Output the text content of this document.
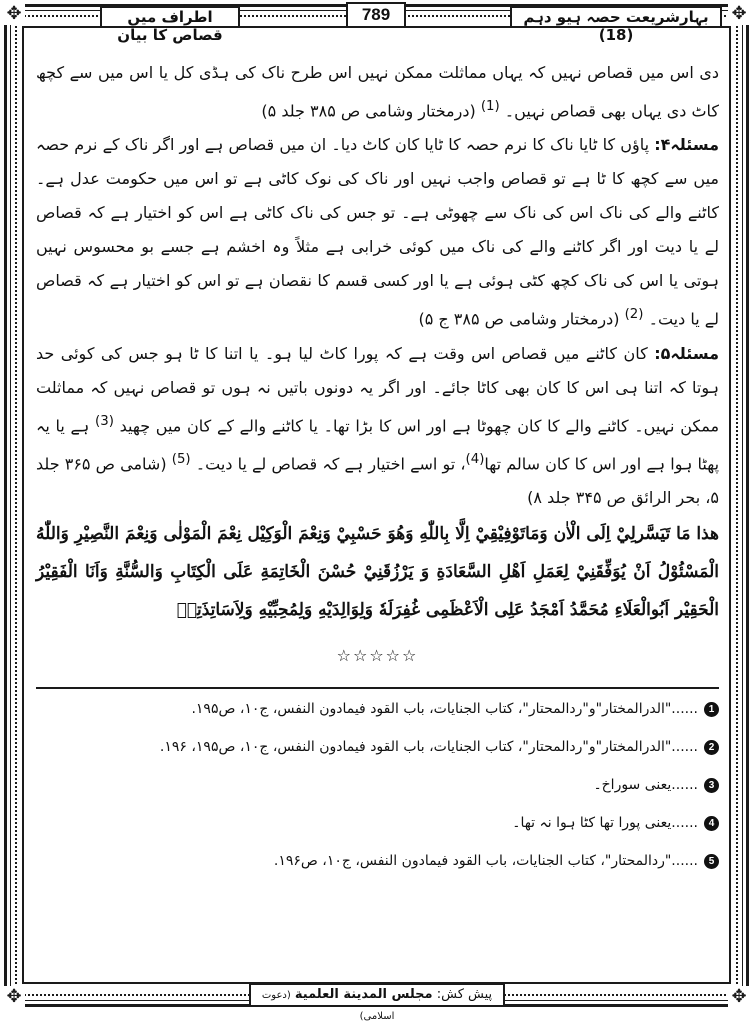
✥	✥
✥	✥
بہارِشریعت حصہ ہیو دہم (18)
789
اطراف میں قصاص کا بیان

دی اس میں قصاص نہیں کہ یہاں مماثلت ممکن نہیں اس طرح ناک کی ہڈی کل یا اس میں سے کچھ کاٹ دی یہاں بھی قصاص نہیں۔ $^{(1)}$ (درمختار وشامی ص ۳۸۵ جلد ۵)

مسئلہ۴: پاؤں کا ٹایا ناک کا نرم حصہ کا ٹایا کان کاٹ دیا۔ ان میں قصاص ہے اور اگر ناک کے نرم حصہ میں سے کچھ کا ٹا ہے تو قصاص واجب نہیں اور ناک کی نوک کاٹی ہے تو اس میں حکومت عدل ہے۔ کاٹنے والے کی ناک اس کی ناک سے چھوٹی ہے۔ تو جس کی ناک کاٹی ہے اس کو اختیار ہے کہ قصاص لے یا دیت اور اگر کاٹنے والے کی ناک میں کوئی خرابی ہے مثلاً وہ اخشم ہے جسے بو محسوس نہیں ہوتی یا اس کی ناک کچھ کٹی ہوئی ہے یا اور کسی قسم کا نقصان ہے تو اس کو اختیار ہے کہ قصاص لے یا دیت۔ $^{(2)}$ (درمختار وشامی ص ۳۸۵ ج ۵)

مسئلہ۵: کان کاٹنے میں قصاص اس وقت ہے کہ پورا کاٹ لیا ہو۔ یا اتنا کا ٹا ہو جس کی کوئی حد ہوتا کہ اتنا ہی اس کا کان بھی کاٹا جائے۔ اور اگر یہ دونوں باتیں نہ ہوں تو قصاص نہیں کہ مماثلت ممکن نہیں۔ کاٹنے والے کا کان چھوٹا ہے اور اس کا بڑا تھا۔ یا کاٹنے والے کے کان میں چھید $^{(3)}$ ہے یا یہ پھٹا ہوا ہے اور اس کا کان سالم تھا$^{(4)}$، تو اسے اختیار ہے کہ قصاص لے یا دیت۔ $^{(5)}$ (شامی ص ۳۶۵ جلد ۵، بحر الرائق ص ۳۴۵ جلد ۸)

هذا مَا تَيَسَّرلِيْ اِلَى الْاٰن وَمَاتَوْفِيْقِيْ اِلَّا بِاللّٰهِ وَهُوَ حَسْبِيْ وَنِعْمَ الْوَكِيْل نِعْمَ الْمَوْلٰى وَنِعْمَ النَّصِيْرِ وَاللّٰهُ الْمَسْئُوْلُ اَنْ يُوَفِّقَنِيْ لِعَمَلِ اَهْلِ السَّعَادَةِ وَ يَرْزُقَنِيْ حُسْنَ الْخَاتِمَةِ عَلَى الْكِتَابِ وَالسُّنَّةِ وَاَنَا الْفَقِيْرُ الْحَقِيْر اَبُوالْعَلَاءِ مُحَمَّدُ اَمْجَدُ عَلِى الْاَعْظَمِى غُفِرَلَهٗ وَلِوَالِدَيْهِ وَلِمُحِبِّيْهِ وَلِاَسَاتِذَتِهٖ

☆☆☆☆☆
......"الدرالمختار"و"ردالمحتار"، كتاب الجنايات، باب القود فيمادون النفس، ج۱۰، ص۱۹۵.	1
......"الدرالمختار"و"ردالمحتار"، كتاب الجنايات، باب القود فيمادون النفس، ج۱۰، ص۱۹۵، ۱۹۶.	2
......یعنی سوراخ۔	3
......یعنی پورا تھا کٹا ہوا نہ تھا۔	4
......"ردالمحتار"، كتاب الجنايات، باب القود فيمادون النفس، ج۱۰، ص۱۹۶.	5
پیش کش: مجلس المدينة العلمية (دعوت اسلامی)
